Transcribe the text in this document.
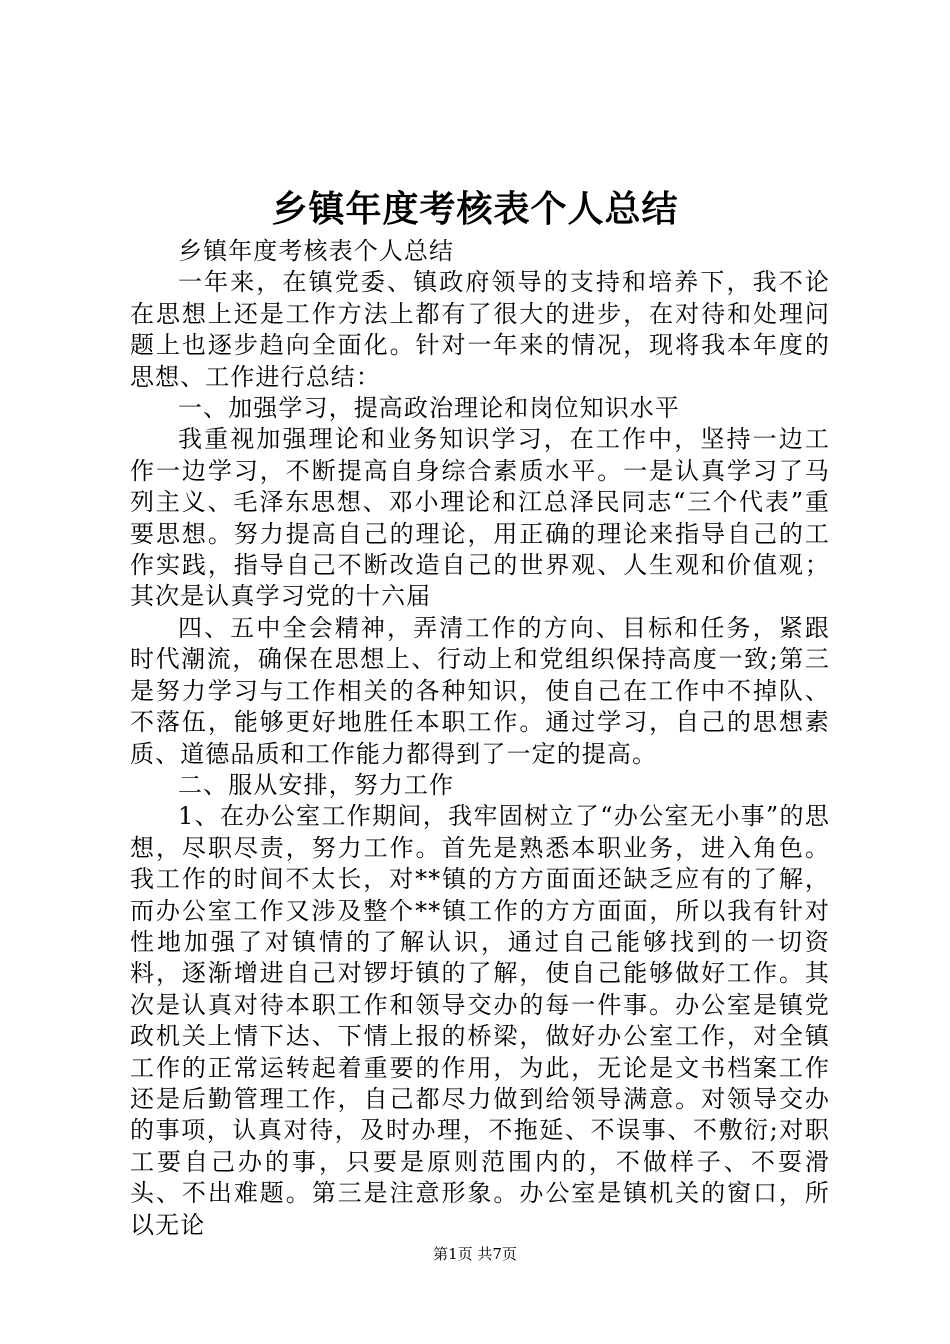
乡镇年度考核表个人总结

乡镇年度考核表个人总结

一年来，在镇党委、镇政府领导的支持和培养下，我不论在思想上还是工作方法上都有了很大的进步，在对待和处理问题上也逐步趋向全面化。针对一年来的情况，现将我本年度的思想、工作进行总结：

一、加强学习，提高政治理论和岗位知识水平

我重视加强理论和业务知识学习，在工作中，坚持一边工作一边学习，不断提高自身综合素质水平。一是认真学习了马列主义、毛泽东思想、邓小理论和江总泽民同志“三个代表”重要思想。努力提高自己的理论，用正确的理论来指导自己的工作实践，指导自己不断改造自己的世界观、人生观和价值观；其次是认真学习党的十六届

四、五中全会精神，弄清工作的方向、目标和任务，紧跟时代潮流，确保在思想上、行动上和党组织保持高度一致;第三是努力学习与工作相关的各种知识，使自己在工作中不掉队、不落伍，能够更好地胜任本职工作。通过学习，自己的思想素质、道德品质和工作能力都得到了一定的提高。

二、服从安排，努力工作

1、在办公室工作期间，我牢固树立了“办公室无小事”的思想，尽职尽责，努力工作。首先是熟悉本职业务，进入角色。我工作的时间不太长，对**镇的方方面面还缺乏应有的了解，而办公室工作又涉及整个**镇工作的方方面面，所以我有针对性地加强了对镇情的了解认识，通过自己能够找到的一切资料，逐渐增进自己对锣圩镇的了解，使自己能够做好工作。其次是认真对待本职工作和领导交办的每一件事。办公室是镇党政机关上情下达、下情上报的桥梁，做好办公室工作，对全镇工作的正常运转起着重要的作用，为此，无论是文书档案工作还是后勤管理工作，自己都尽力做到给领导满意。对领导交办的事项，认真对待，及时办理，不拖延、不误事、不敷衍;对职工要自己办的事，只要是原则范围内的，不做样子、不耍滑头、不出难题。第三是注意形象。办公室是镇机关的窗口，所以无论

第1页 共7页
